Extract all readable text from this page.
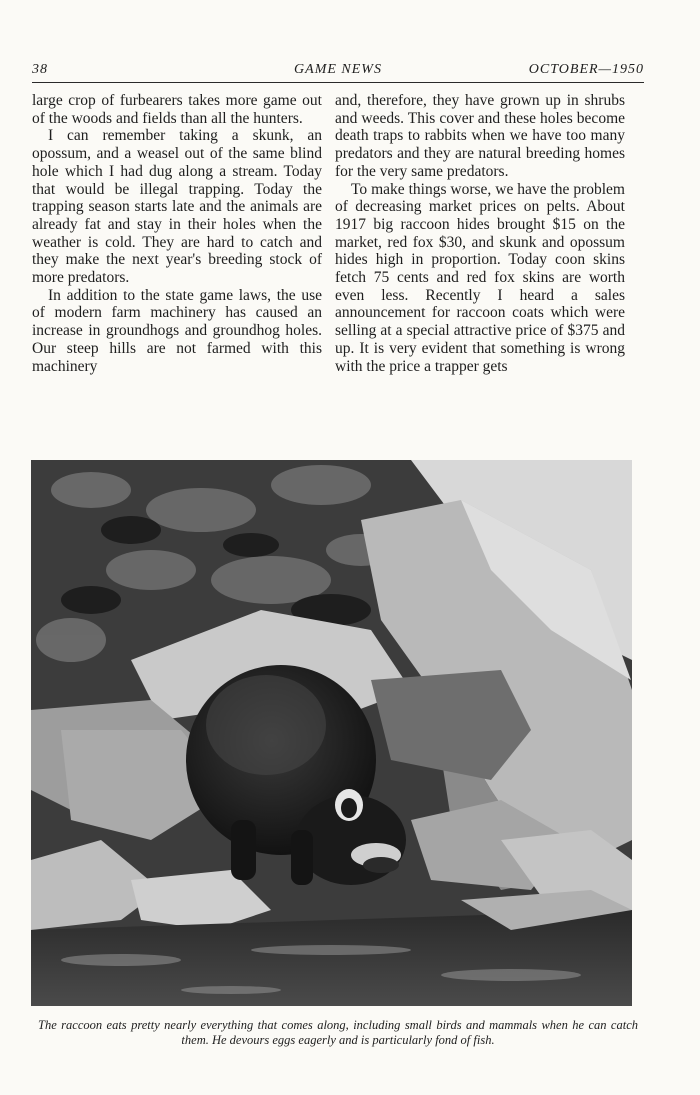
38	GAME NEWS	OCTOBER—1950

large crop of furbearers takes more game out of the woods and fields than all the hunters.

I can remember taking a skunk, an opossum, and a weasel out of the same blind hole which I had dug along a stream. Today that would be illegal trapping. Today the trapping season starts late and the animals are already fat and stay in their holes when the weather is cold. They are hard to catch and they make the next year's breeding stock of more predators.

In addition to the state game laws, the use of modern farm machinery has caused an increase in groundhogs and groundhog holes. Our steep hills are not farmed with this machinery

and, therefore, they have grown up in shrubs and weeds. This cover and these holes become death traps to rabbits when we have too many predators and they are natural breeding homes for the very same predators.

To make things worse, we have the problem of decreasing market prices on pelts. About 1917 big raccoon hides brought $15 on the market, red fox $30, and skunk and opossum hides high in proportion. Today coon skins fetch 75 cents and red fox skins are worth even less. Recently I heard a sales announcement for raccoon coats which were selling at a special attractive price of $375 and up. It is very evident that something is wrong with the price a trapper gets

The raccoon eats pretty nearly everything that comes along, including small birds and mammals when he can catch them. He devours eggs eagerly and is particularly fond of fish.
